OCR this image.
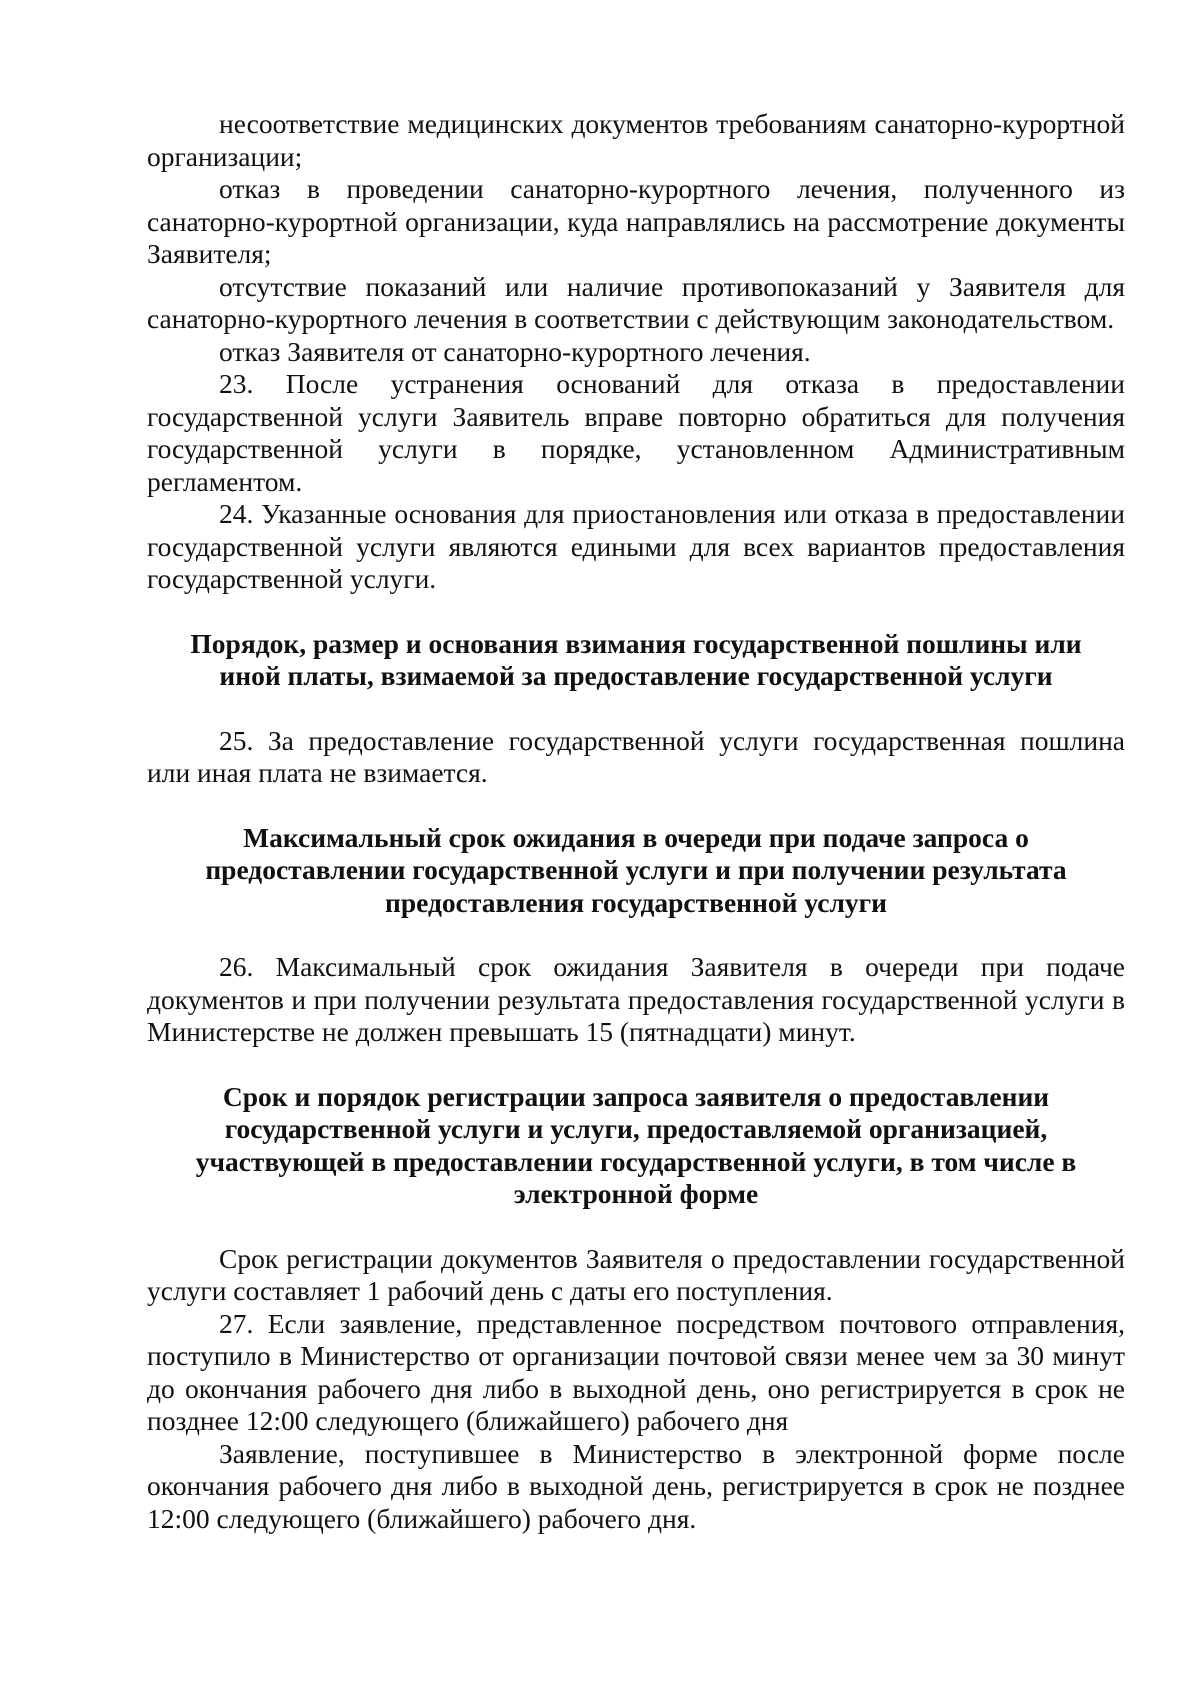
несоответствие медицинских документов требованиям санаторно-курортной организации;

отказ в проведении санаторно-курортного лечения, полученного из санаторно-курортной организации, куда направлялись на рассмотрение документы Заявителя;

отсутствие показаний или наличие противопоказаний у Заявителя для санаторно-курортного лечения в соответствии с действующим законодательством.

отказ Заявителя от санаторно-курортного лечения.

23. После устранения оснований для отказа в предоставлении государственной услуги Заявитель вправе повторно обратиться для получения государственной услуги в порядке, установленном Административным регламентом.

24. Указанные основания для приостановления или отказа в предоставлении государственной услуги являются едиными для всех вариантов предоставления государственной услуги.

Порядок, размер и основания взимания государственной пошлины или иной платы, взимаемой за предоставление государственной услуги

25. За предоставление государственной услуги государственная пошлина или иная плата не взимается.

Максимальный срок ожидания в очереди при подаче запроса о предоставлении государственной услуги и при получении результата предоставления государственной услуги

26. Максимальный срок ожидания Заявителя в очереди при подаче документов и при получении результата предоставления государственной услуги в Министерстве не должен превышать 15 (пятнадцати) минут.

Срок и порядок регистрации запроса заявителя о предоставлении государственной услуги и услуги, предоставляемой организацией, участвующей в предоставлении государственной услуги, в том числе в электронной форме

Срок регистрации документов Заявителя о предоставлении государственной услуги составляет 1 рабочий день с даты его поступления.

27. Если заявление, представленное посредством почтового отправления, поступило в Министерство от организации почтовой связи менее чем за 30 минут до окончания рабочего дня либо в выходной день, оно регистрируется в срок не позднее 12:00 следующего (ближайшего) рабочего дня

Заявление, поступившее в Министерство в электронной форме после окончания рабочего дня либо в выходной день, регистрируется в срок не позднее 12:00 следующего (ближайшего) рабочего дня.
